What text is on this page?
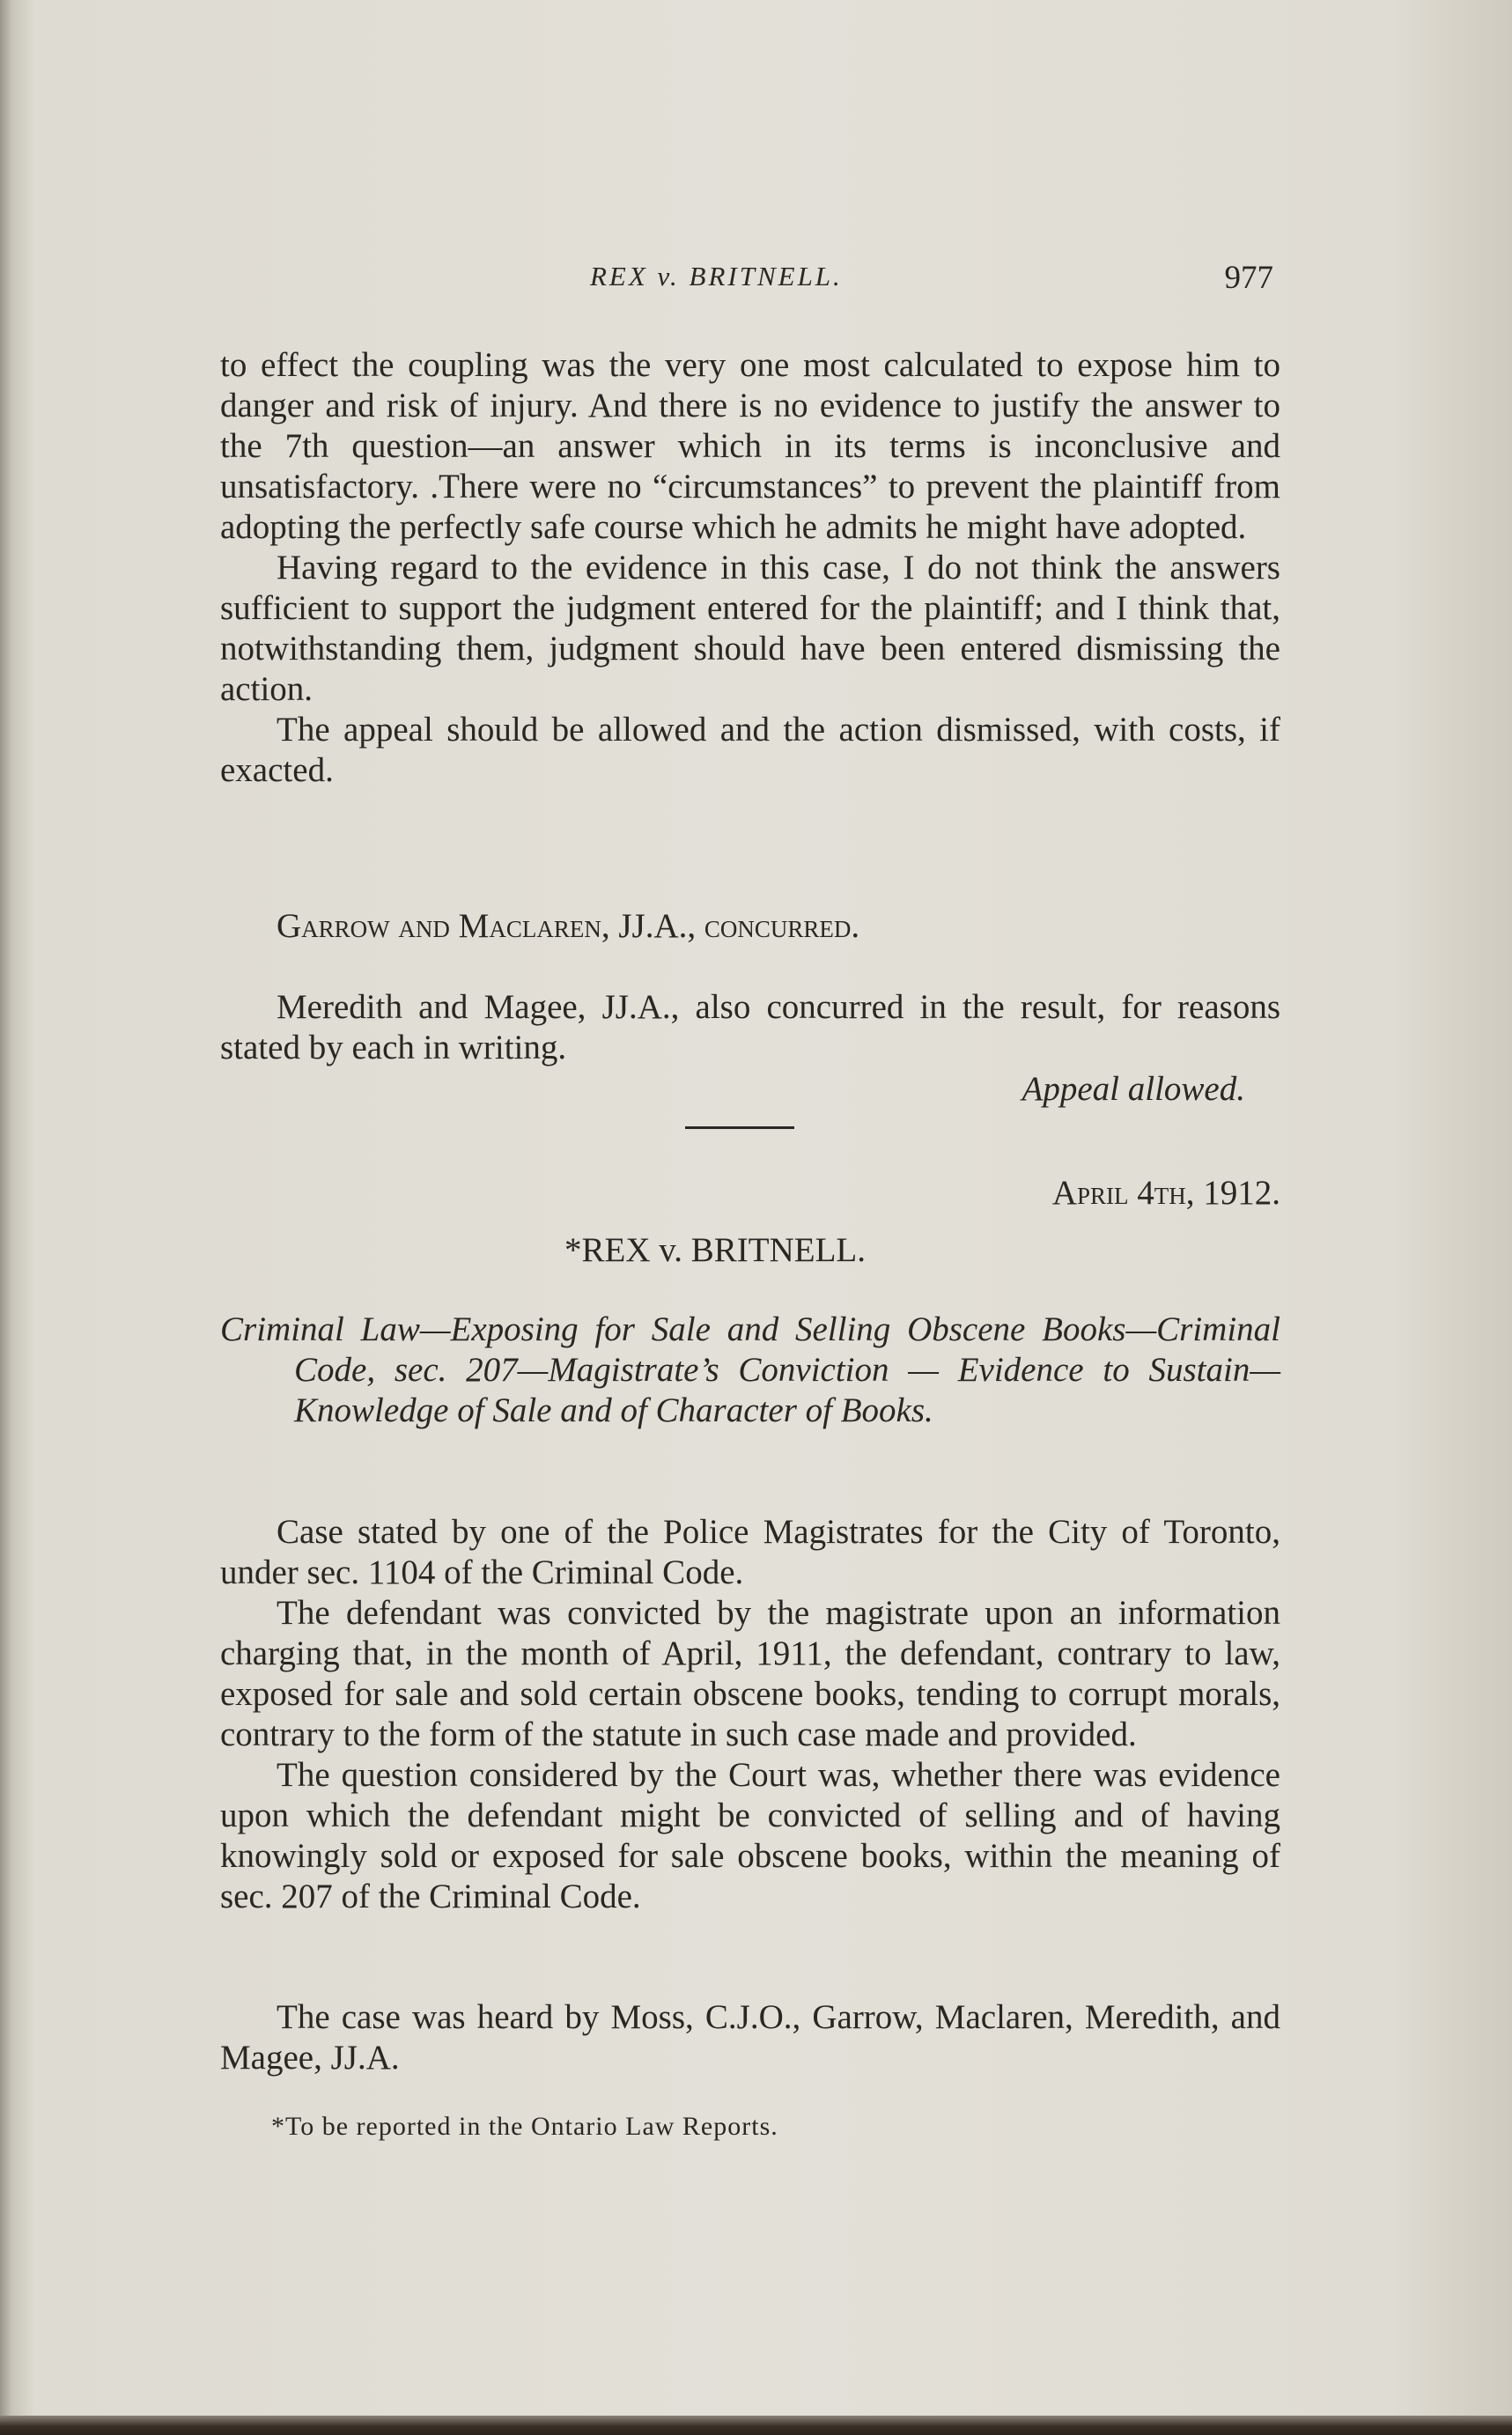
REX v. BRITNELL.	977

to effect the coupling was the very one most calculated to expose him to danger and risk of injury. And there is no evidence to justify the answer to the 7th question—an answer which in its terms is inconclusive and unsatisfactory. .There were no “circumstances” to prevent the plaintiff from adopting the perfectly safe course which he admits he might have adopted.

Having regard to the evidence in this case, I do not think the answers sufficient to support the judgment entered for the plaintiff; and I think that, notwithstanding them, judgment should have been entered dismissing the action.

The appeal should be allowed and the action dismissed, with costs, if exacted.

Garrow and Maclaren, JJ.A., concurred.

Meredith and Magee, JJ.A., also concurred in the result, for reasons stated by each in writing.

Appeal allowed.

April 4th, 1912.

*REX v. BRITNELL.

Criminal Law—Exposing for Sale and Selling Obscene Books—Criminal Code, sec. 207—Magistrate’s Conviction — Evidence to Sustain—Knowledge of Sale and of Character of Books.

Case stated by one of the Police Magistrates for the City of Toronto, under sec. 1104 of the Criminal Code.

The defendant was convicted by the magistrate upon an information charging that, in the month of April, 1911, the defendant, contrary to law, exposed for sale and sold certain obscene books, tending to corrupt morals, contrary to the form of the statute in such case made and provided.

The question considered by the Court was, whether there was evidence upon which the defendant might be convicted of selling and of having knowingly sold or exposed for sale obscene books, within the meaning of sec. 207 of the Criminal Code.

The case was heard by Moss, C.J.O., Garrow, Maclaren, Meredith, and Magee, JJ.A.

*To be reported in the Ontario Law Reports.
